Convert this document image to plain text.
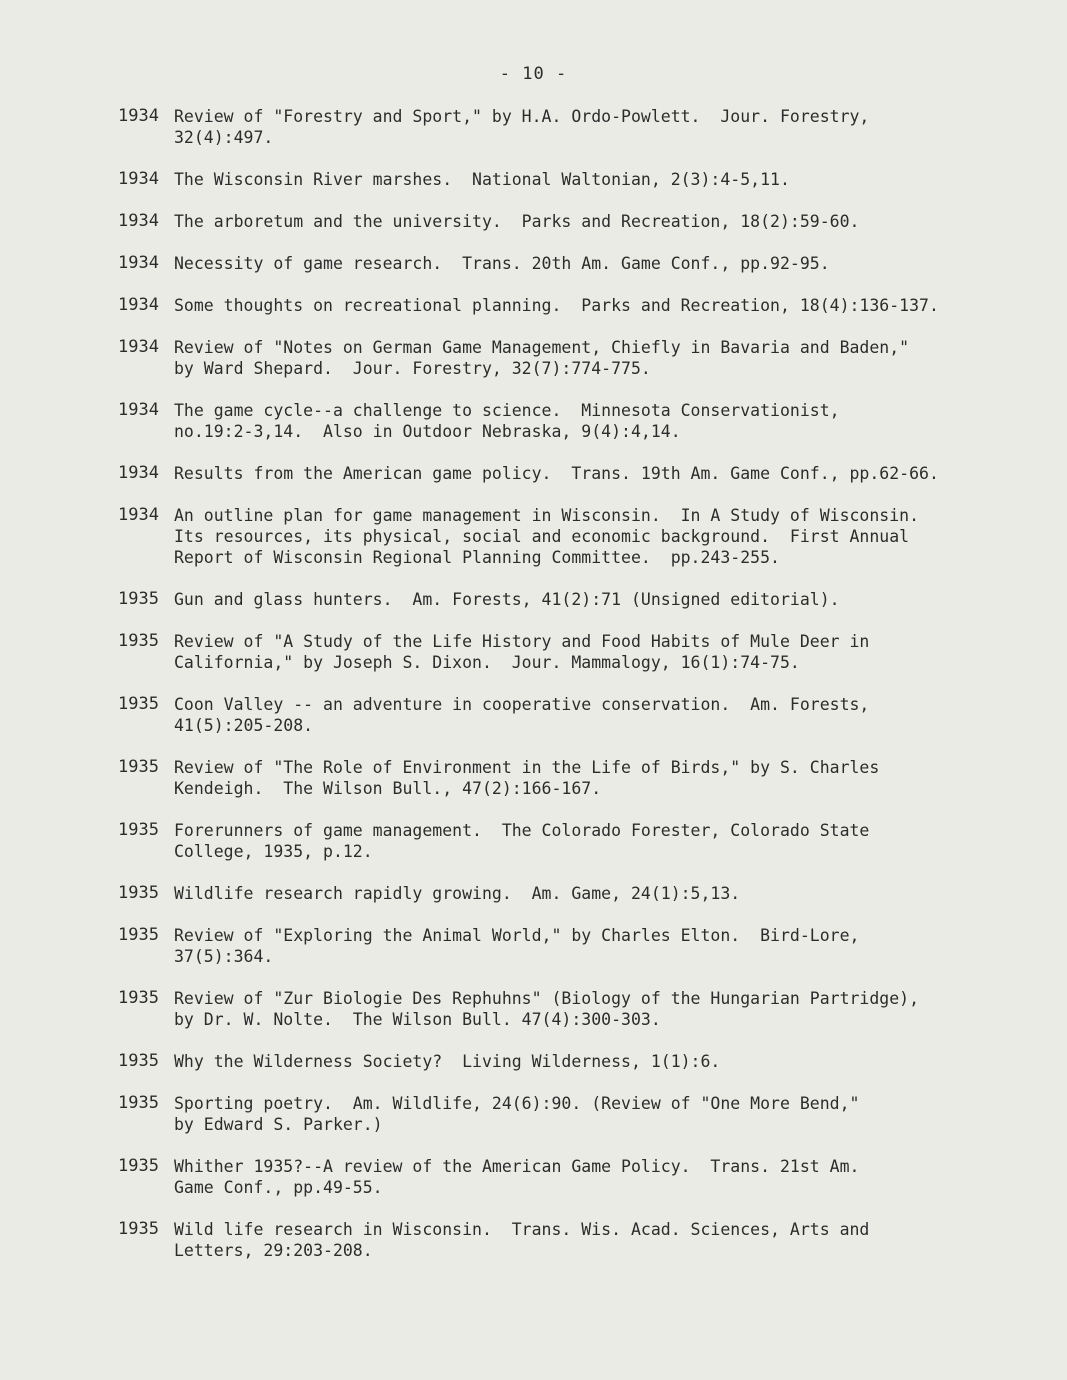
- 10 -
1934 Review of "Forestry and Sport," by H.A. Ordo-Powlett.  Jour. Forestry,
32(4):497.
1934 The Wisconsin River marshes.  National Waltonian, 2(3):4-5,11.
1934 The arboretum and the university.  Parks and Recreation, 18(2):59-60.
1934 Necessity of game research.  Trans. 20th Am. Game Conf., pp.92-95.
1934 Some thoughts on recreational planning.  Parks and Recreation, 18(4):136-137.
1934 Review of "Notes on German Game Management, Chiefly in Bavaria and Baden,"
by Ward Shepard.  Jour. Forestry, 32(7):774-775.
1934 The game cycle--a challenge to science.  Minnesota Conservationist,
no.19:2-3,14.  Also in Outdoor Nebraska, 9(4):4,14.
1934 Results from the American game policy.  Trans. 19th Am. Game Conf., pp.62-66.
1934 An outline plan for game management in Wisconsin.  In A Study of Wisconsin.
Its resources, its physical, social and economic background.  First Annual
Report of Wisconsin Regional Planning Committee.  pp.243-255.
1935 Gun and glass hunters.  Am. Forests, 41(2):71 (Unsigned editorial).
1935 Review of "A Study of the Life History and Food Habits of Mule Deer in
California," by Joseph S. Dixon.  Jour. Mammalogy, 16(1):74-75.
1935 Coon Valley -- an adventure in cooperative conservation.  Am. Forests,
41(5):205-208.
1935 Review of "The Role of Environment in the Life of Birds," by S. Charles
Kendeigh.  The Wilson Bull., 47(2):166-167.
1935 Forerunners of game management.  The Colorado Forester, Colorado State
College, 1935, p.12.
1935 Wildlife research rapidly growing.  Am. Game, 24(1):5,13.
1935 Review of "Exploring the Animal World," by Charles Elton.  Bird-Lore,
37(5):364.
1935 Review of "Zur Biologie Des Rephuhns" (Biology of the Hungarian Partridge),
by Dr. W. Nolte.  The Wilson Bull. 47(4):300-303.
1935 Why the Wilderness Society?  Living Wilderness, 1(1):6.
1935 Sporting poetry.  Am. Wildlife, 24(6):90. (Review of "One More Bend,"
by Edward S. Parker.)
1935 Whither 1935?--A review of the American Game Policy.  Trans. 21st Am.
Game Conf., pp.49-55.
1935 Wild life research in Wisconsin.  Trans. Wis. Acad. Sciences, Arts and
Letters, 29:203-208.
